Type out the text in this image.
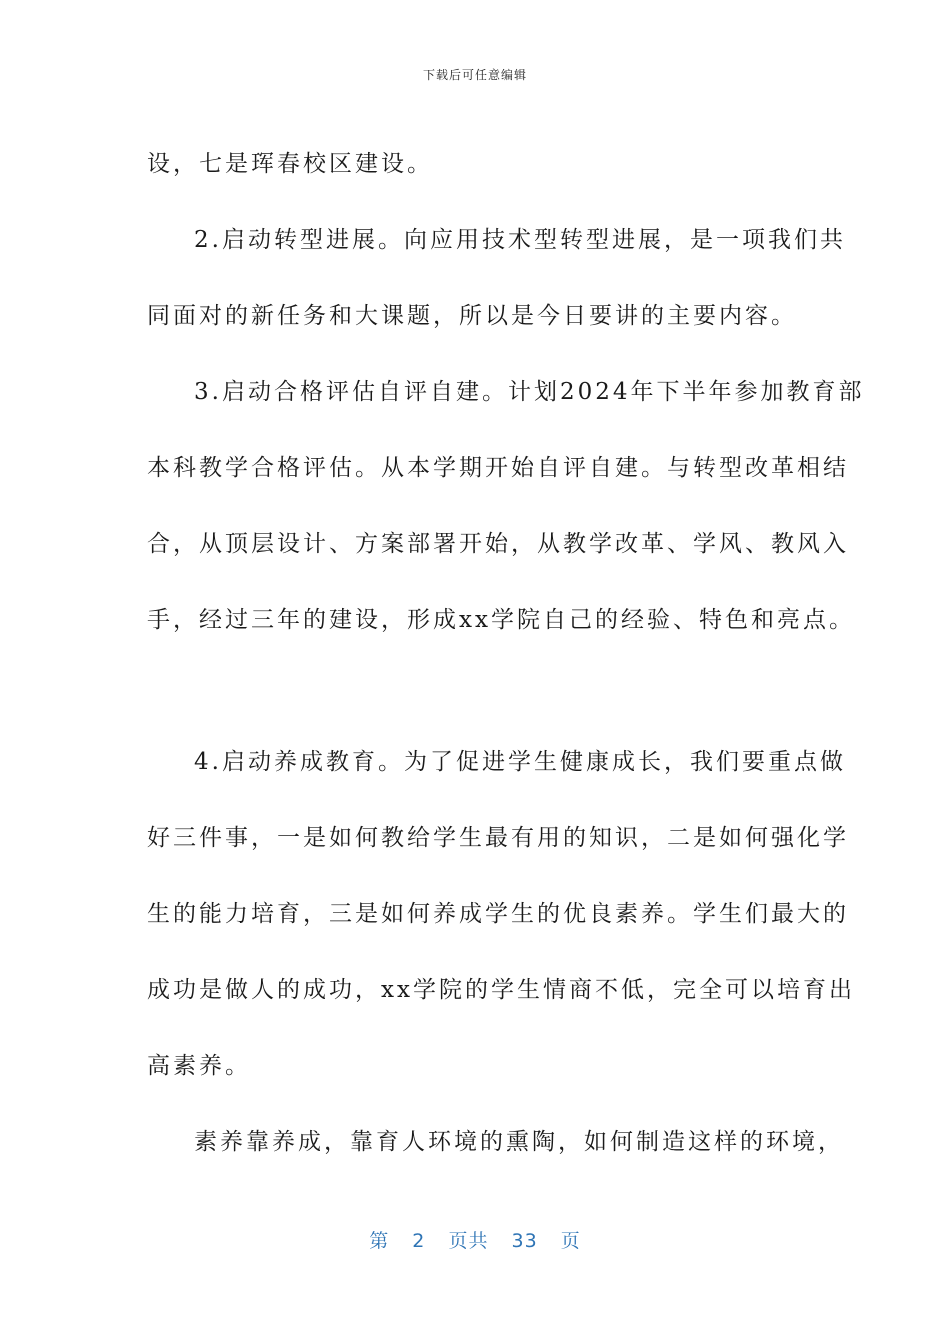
下载后可任意编辑
设，七是珲春校区建设。
2.启动转型进展。向应用技术型转型进展，是一项我们共
同面对的新任务和大课题，所以是今日要讲的主要内容。
3.启动合格评估自评自建。计划2024年下半年参加教育部
本科教学合格评估。从本学期开始自评自建。与转型改革相结
合，从顶层设计、方案部署开始，从教学改革、学风、教风入
手，经过三年的建设，形成xx学院自己的经验、特色和亮点。
4.启动养成教育。为了促进学生健康成长，我们要重点做
好三件事，一是如何教给学生最有用的知识，二是如何强化学
生的能力培育，三是如何养成学生的优良素养。学生们最大的
成功是做人的成功，xx学院的学生情商不低，完全可以培育出
高素养。
素养靠养成，靠育人环境的熏陶，如何制造这样的环境，
第 2 页共 33 页
